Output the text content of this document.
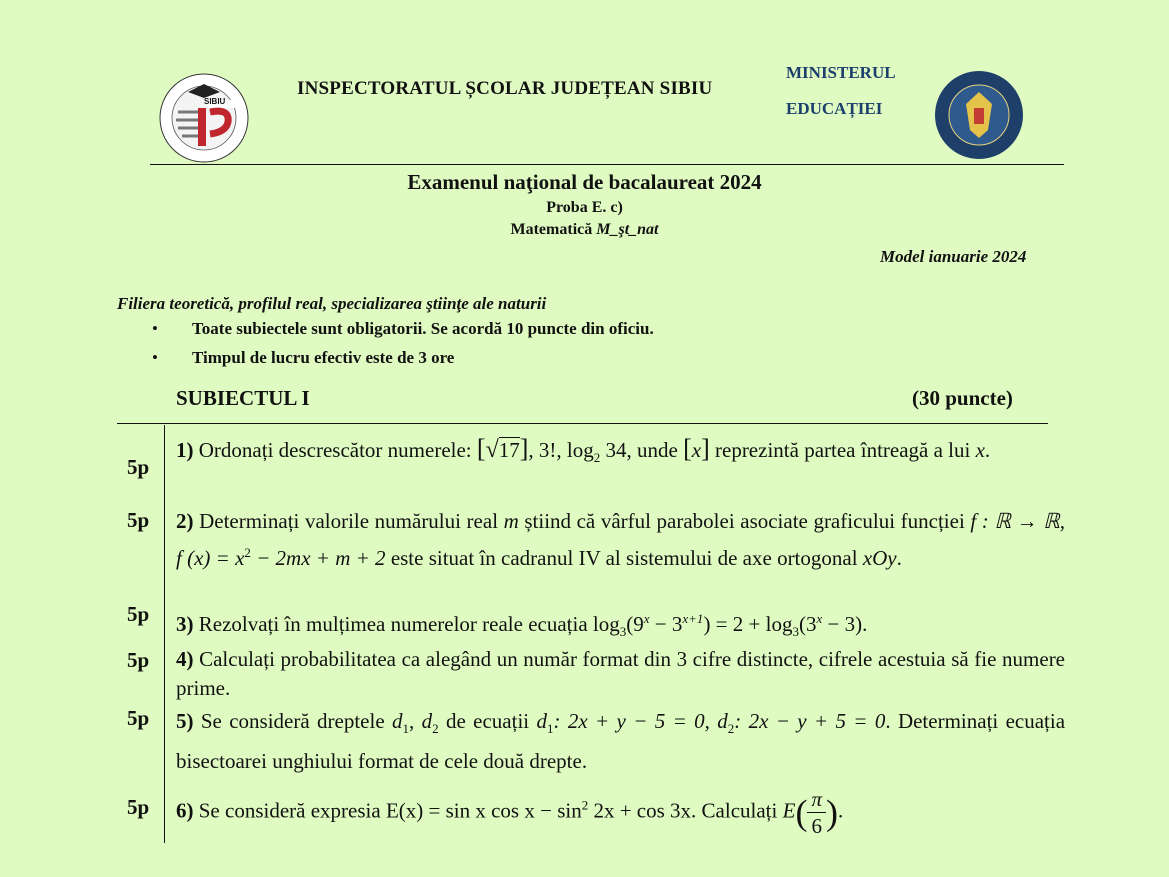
SIBIU
INSPECTORATUL ȘCOLAR JUDEȚEAN SIBIU
MINISTERUL
EDUCAȚIEI
Examenul naţional de bacalaureat 2024
Proba E. c)
Matematică M_şt_nat
Model ianuarie 2024
Filiera teoretică, profilul real, specializarea ştiinţe ale naturii
• Toate subiectele sunt obligatorii. Se acordă 10 puncte din oficiu.
• Timpul de lucru efectiv este de 3 ore
SUBIECTUL I	(30 puncte)
5p
5p
5p
5p
5p
5p
1) Ordonați descrescător numerele: [√17], 3!, $\log_2 34$, unde [x] reprezintă partea întreagă a lui x.
2) Determinați valorile numărului real m știind că vârful parabolei asociate graficului funcției f : ℝ → ℝ, f $(x) = x^2 - 2mx + m + 2$ este situat în cadranul IV al sistemului de axe ortogonal xOy.
3) Rezolvați în mulțimea numerelor reale ecuația $\log_3(9^x - 3^{x+1}) = 2 + \log_3(3^x - 3)$.
4) Calculați probabilitatea ca alegând un număr format din 3 cifre distincte, cifrele acestuia să fie numere prime.
5) Se consideră dreptele $d_1$, $d_2$ de ecuații $d_1$: 2x + y − 5 = 0, $d_2$: 2x − y + 5 = 0. Determinați ecuația bisectoarei unghiului format de cele două drepte.
6) Se consideră expresia E(x) = sin x $\cos x - \sin^2 2x + \cos 3x$. Calculați $E( \frac{\pi}{6}$ ).
